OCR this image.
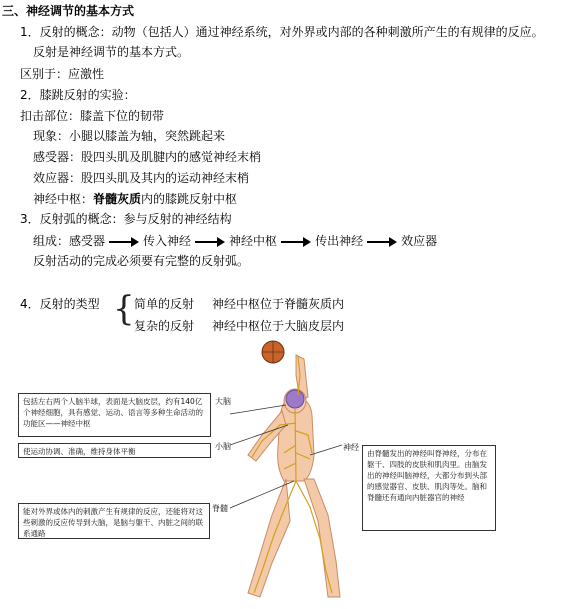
三、神经调节的基本方式
1．反射的概念：动物（包括人）通过神经系统，对外界或内部的各种刺激所产生的有规律的反应。
反射是神经调节的基本方式。
区别于：应激性
2．膝跳反射的实验：
扣击部位：膝盖下位的韧带
现象：小腿以膝盖为轴，突然跳起来
感受器：股四头肌及肌腱内的感觉神经末梢
效应器：股四头肌及其内的运动神经末梢
神经中枢：脊髓灰质内的膝跳反射中枢
3．反射弧的概念：参与反射的神经结构
组成：感受器	传入神经	神经中枢	传出神经	效应器
反射活动的完成必须要有完整的反射弧。
4．反射的类型 { 简单的反射 神经中枢位于脊髓灰质内
复杂的反射 神经中枢位于大脑皮层内
包括左右两个人脑半球，表面是大脑皮层，约有140亿个神经细胞，具有感觉、运动、语言等多种生命活动的功能区——神经中枢
大脑
使运动协调、准确，维持身体平衡
小脑
能对外界或体内的刺激产生有规律的反应，还能将对这些刺激的反应传导到大脑，是脑与躯干、内脏之间的联系通路
脊髓
神经
由脊髓发出的神经叫脊神经，分布在躯干、四肢的皮肤和肌肉里。由脑发出的神经叫脑神经，大都分布到头部的感觉器官、皮肤、肌肉等处。脑和脊髓还有通向内脏器官的神经
